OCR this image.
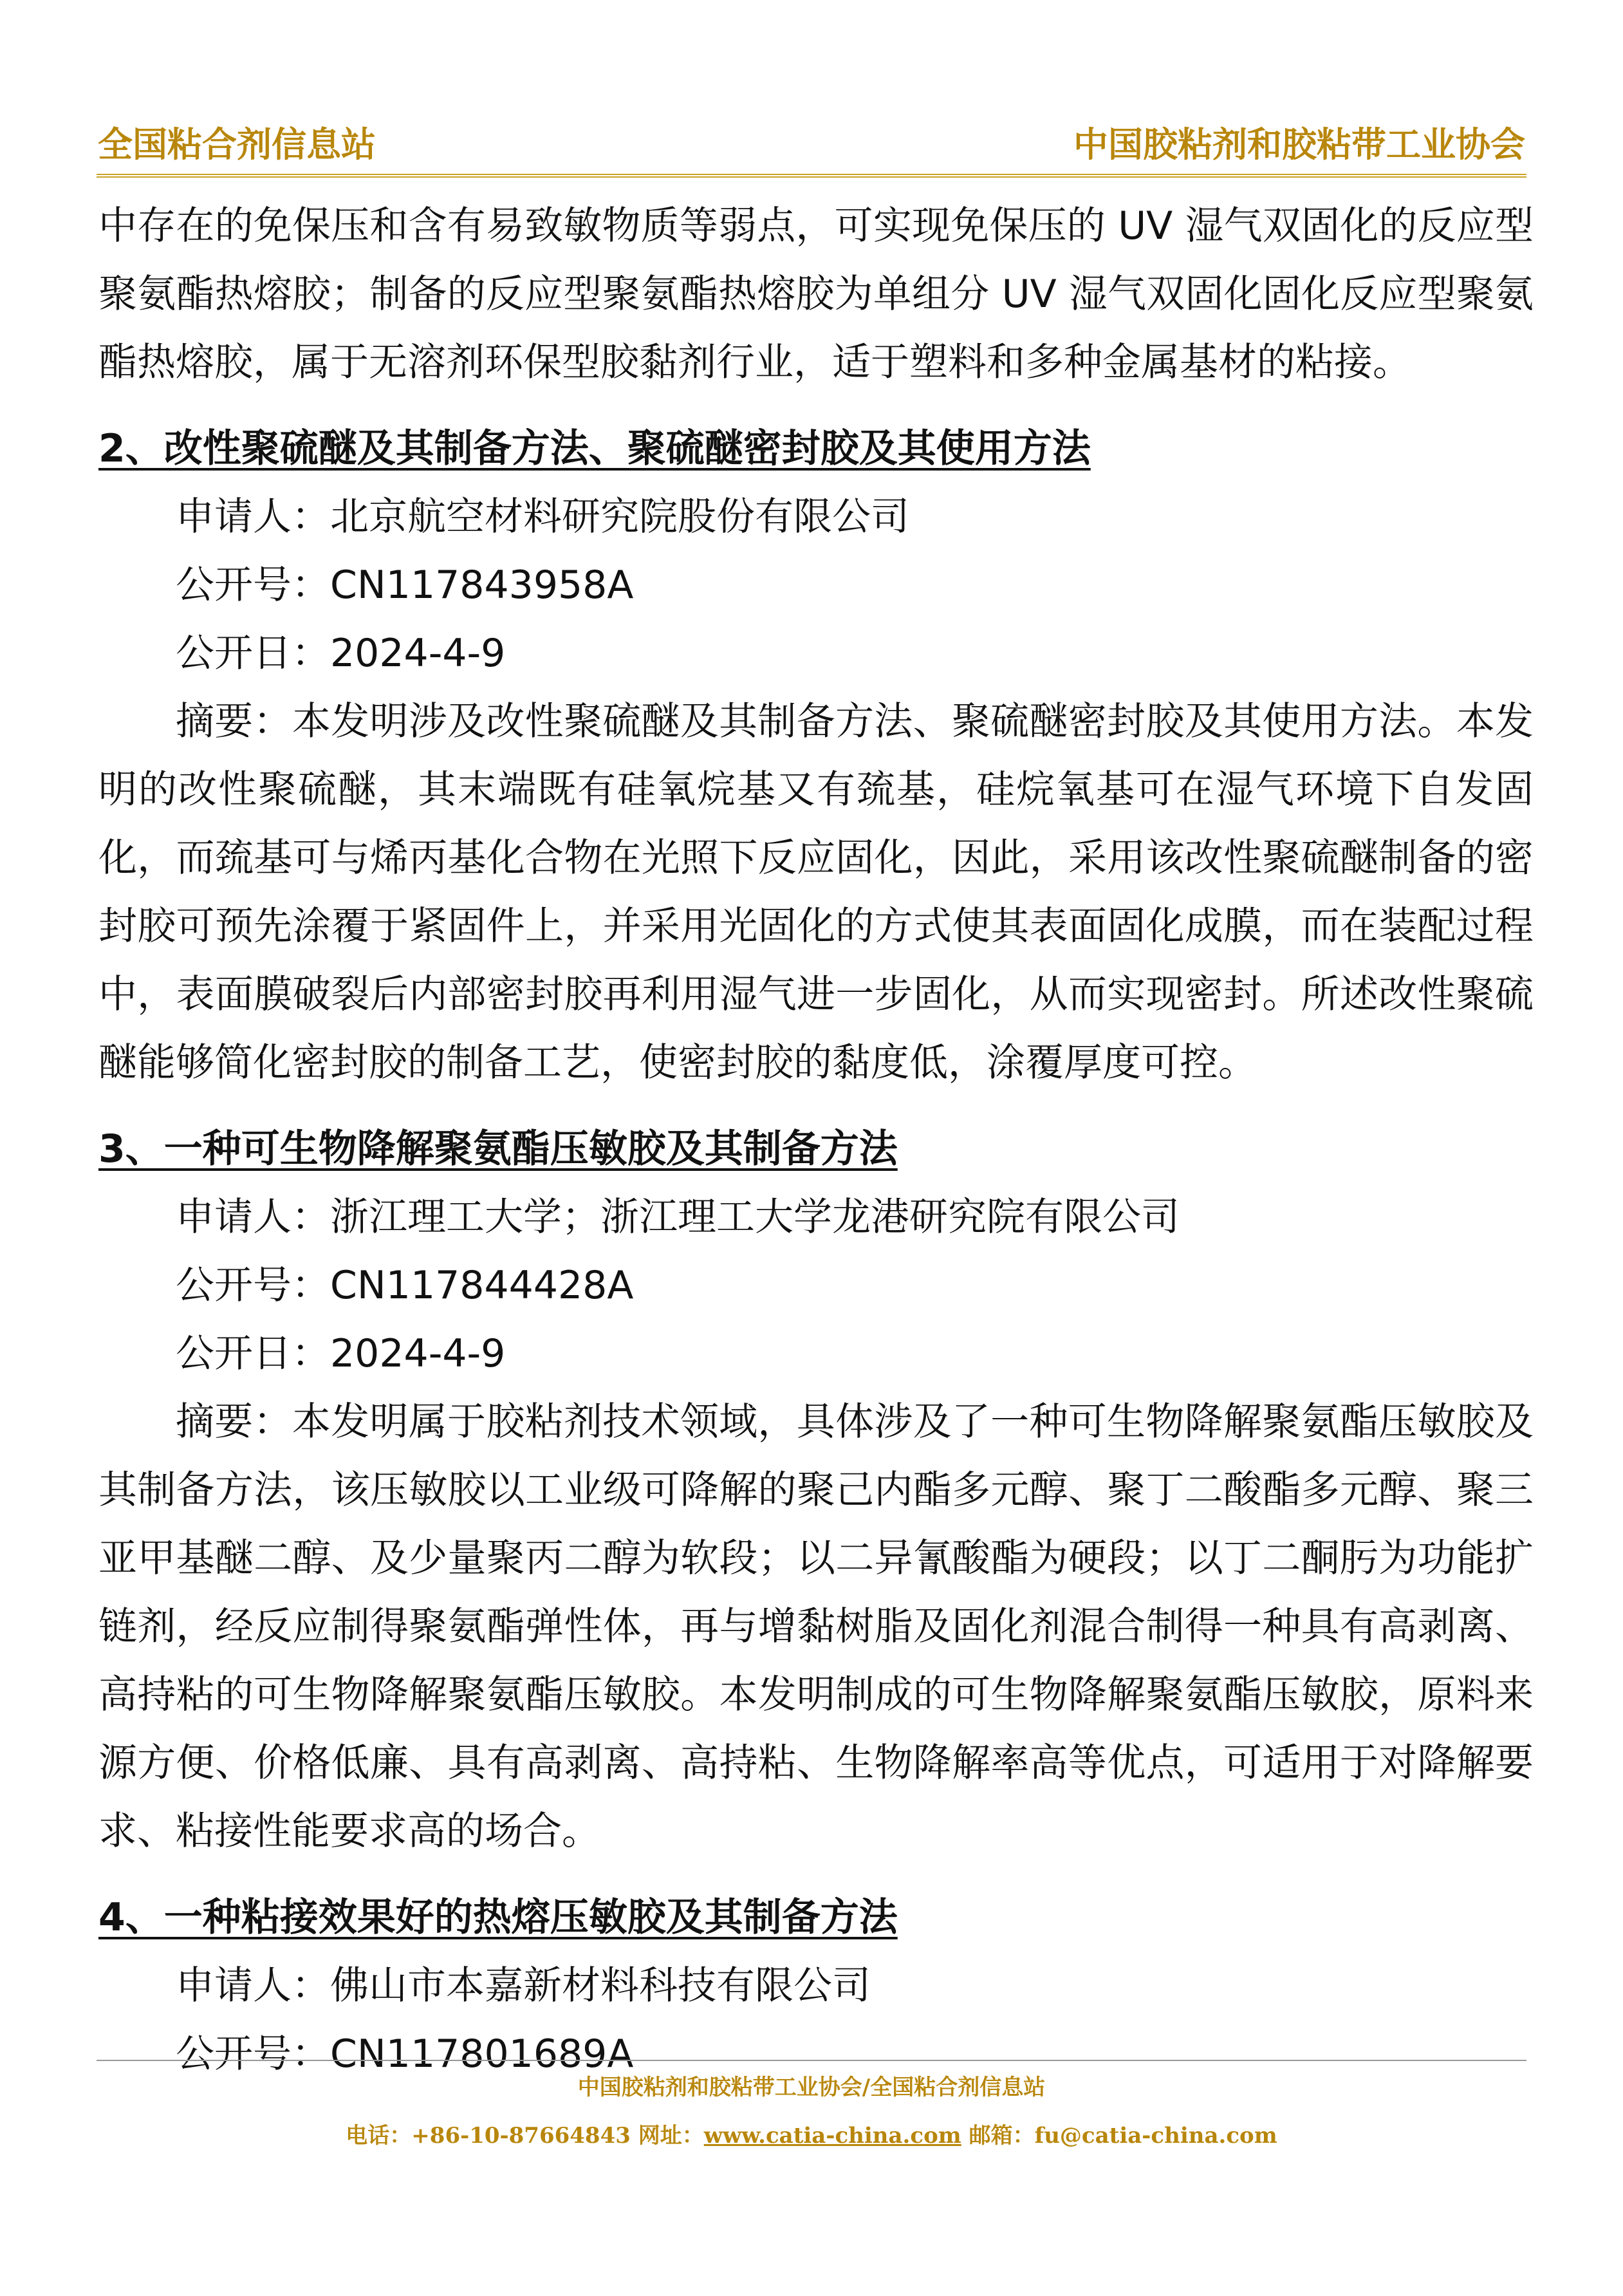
全国粘合剂信息站	中国胶粘剂和胶粘带工业协会

中存在的免保压和含有易致敏物质等弱点，可实现免保压的 UV 湿气双固化的反应型聚氨酯热熔胶；制备的反应型聚氨酯热熔胶为单组分 UV 湿气双固化固化反应型聚氨酯热熔胶，属于无溶剂环保型胶黏剂行业，适于塑料和多种金属基材的粘接。

2、改性聚硫醚及其制备方法、聚硫醚密封胶及其使用方法

申请人：北京航空材料研究院股份有限公司

公开号：CN117843958A

公开日：2024-4-9

摘要：本发明涉及改性聚硫醚及其制备方法、聚硫醚密封胶及其使用方法。本发明的改性聚硫醚，其末端既有硅氧烷基又有巯基，硅烷氧基可在湿气环境下自发固化，而巯基可与烯丙基化合物在光照下反应固化，因此，采用该改性聚硫醚制备的密封胶可预先涂覆于紧固件上，并采用光固化的方式使其表面固化成膜，而在装配过程中，表面膜破裂后内部密封胶再利用湿气进一步固化，从而实现密封。所述改性聚硫醚能够简化密封胶的制备工艺，使密封胶的黏度低，涂覆厚度可控。

3、一种可生物降解聚氨酯压敏胶及其制备方法

申请人：浙江理工大学；浙江理工大学龙港研究院有限公司

公开号：CN117844428A

公开日：2024-4-9

摘要：本发明属于胶粘剂技术领域，具体涉及了一种可生物降解聚氨酯压敏胶及其制备方法，该压敏胶以工业级可降解的聚己内酯多元醇、聚丁二酸酯多元醇、聚三亚甲基醚二醇、及少量聚丙二醇为软段；以二异氰酸酯为硬段；以丁二酮肟为功能扩链剂，经反应制得聚氨酯弹性体，再与增黏树脂及固化剂混合制得一种具有高剥离、高持粘的可生物降解聚氨酯压敏胶。本发明制成的可生物降解聚氨酯压敏胶，原料来源方便、价格低廉、具有高剥离、高持粘、生物降解率高等优点，可适用于对降解要求、粘接性能要求高的场合。

4、一种粘接效果好的热熔压敏胶及其制备方法

申请人：佛山市本嘉新材料科技有限公司

公开号：CN117801689A

中国胶粘剂和胶粘带工业协会/全国粘合剂信息站
电话：+86-10-87664843 网址：www.catia-china.com 邮箱：fu@catia-china.com
